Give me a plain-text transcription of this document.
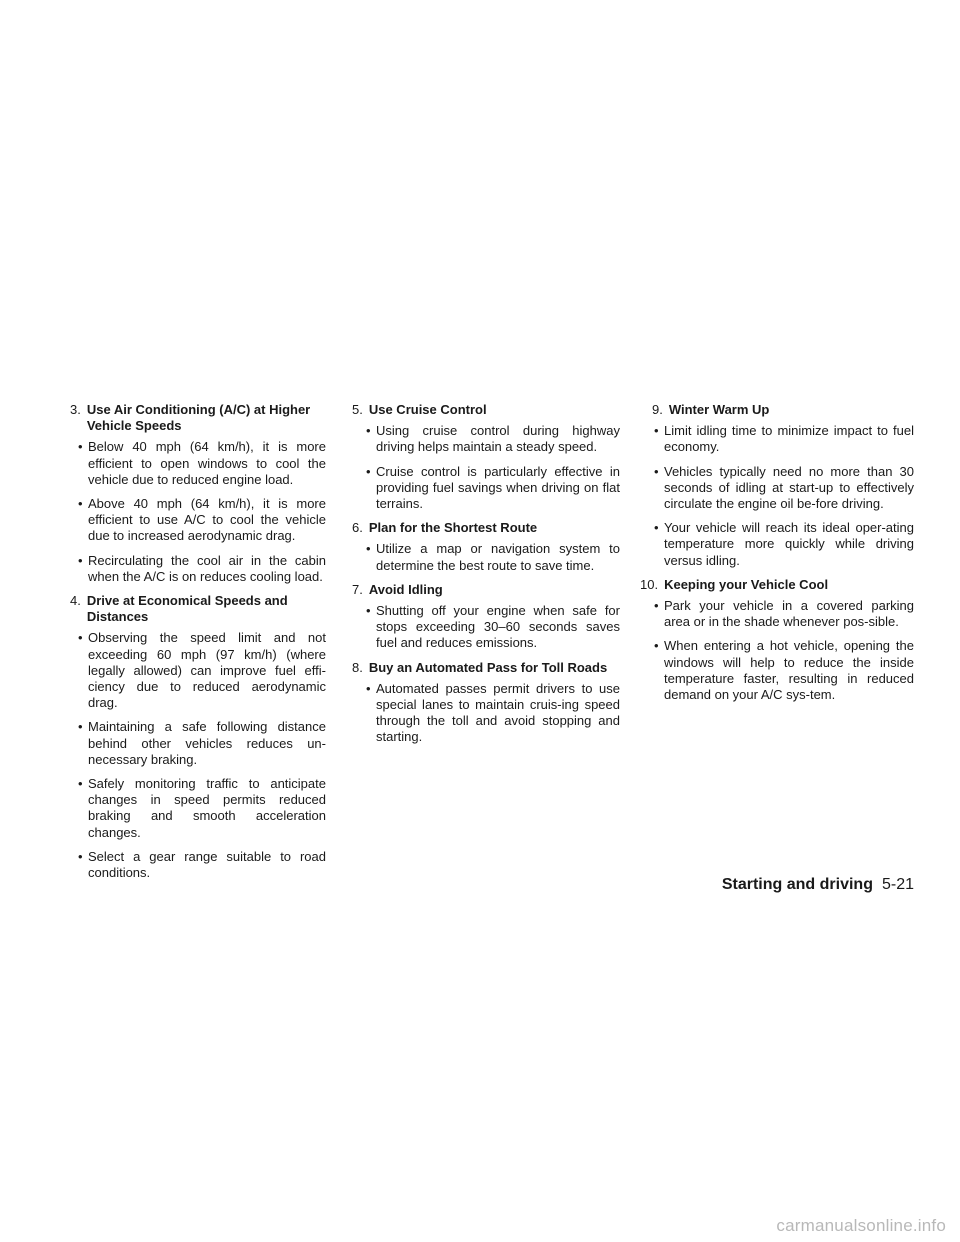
3. Use Air Conditioning (A/C) at Higher Vehicle Speeds
• Below 40 mph (64 km/h), it is more efficient to open windows to cool the vehicle due to reduced engine load.
• Above 40 mph (64 km/h), it is more efficient to use A/C to cool the vehicle due to increased aerodynamic drag.
• Recirculating the cool air in the cabin when the A/C is on reduces cooling load.
4. Drive at Economical Speeds and Distances
• Observing the speed limit and not exceeding 60 mph (97 km/h) (where legally allowed) can improve fuel effi-ciency due to reduced aerodynamic drag.
• Maintaining a safe following distance behind other vehicles reduces un-necessary braking.
• Safely monitoring traffic to anticipate changes in speed permits reduced braking and smooth acceleration changes.
• Select a gear range suitable to road conditions.
5. Use Cruise Control
• Using cruise control during highway driving helps maintain a steady speed.
• Cruise control is particularly effective in providing fuel savings when driving on flat terrains.
6. Plan for the Shortest Route
• Utilize a map or navigation system to determine the best route to save time.
7. Avoid Idling
• Shutting off your engine when safe for stops exceeding 30–60 seconds saves fuel and reduces emissions.
8. Buy an Automated Pass for Toll Roads
• Automated passes permit drivers to use special lanes to maintain cruis-ing speed through the toll and avoid stopping and starting.
9. Winter Warm Up
• Limit idling time to minimize impact to fuel economy.
• Vehicles typically need no more than 30 seconds of idling at start-up to effectively circulate the engine oil be-fore driving.
• Your vehicle will reach its ideal oper-ating temperature more quickly while driving versus idling.
10. Keeping your Vehicle Cool
• Park your vehicle in a covered parking area or in the shade whenever pos-sible.
• When entering a hot vehicle, opening the windows will help to reduce the inside temperature faster, resulting in reduced demand on your A/C sys-tem.
Starting and driving 5-21
carmanualsonline.info
